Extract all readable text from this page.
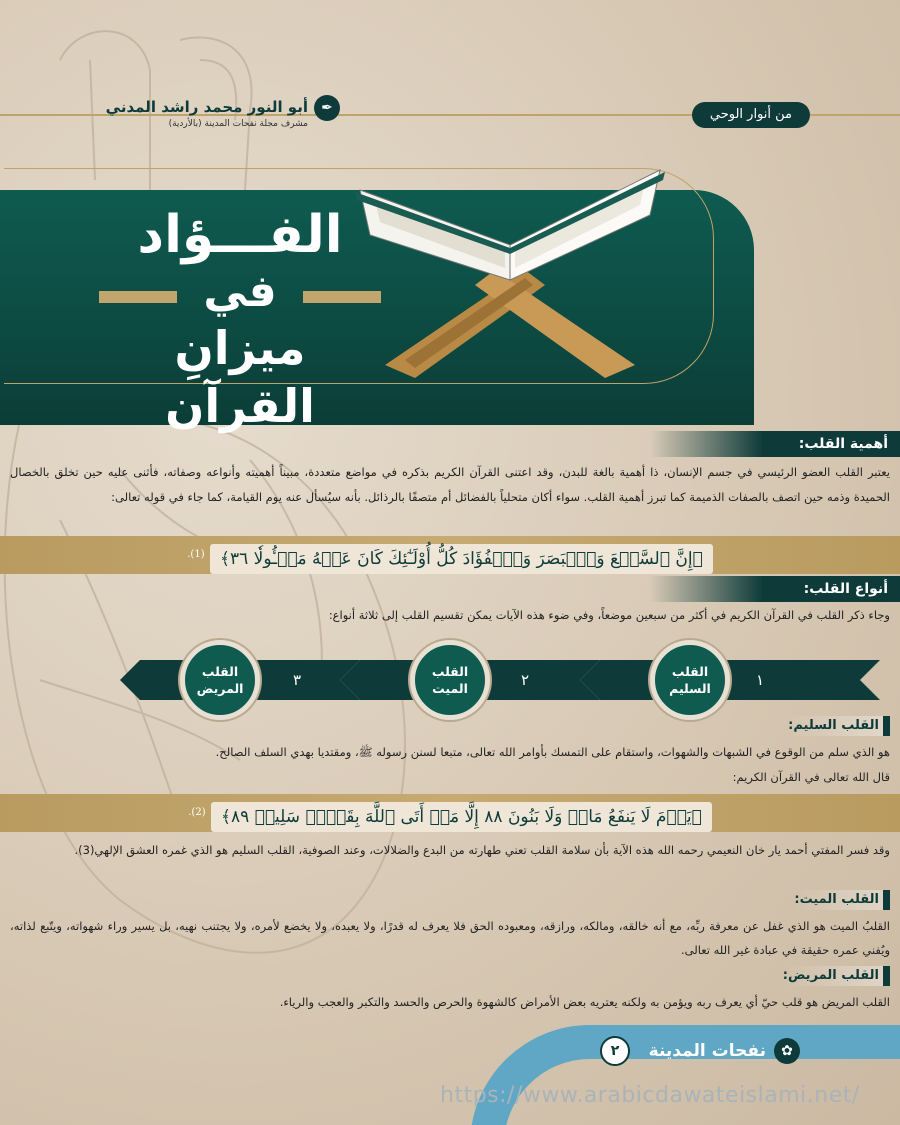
من أنوار الوحي
أبو النور محمد راشد المدني ✒
مشرف مجلة نفحات المدينة (بالأردية)
الفـــؤاد
في
ميزانِ القرآن
أهمية القلب:
يعتبر القلب العضو الرئيسي في جسم الإنسان، ذا أهمية بالغة للبدن، وقد اعتنى القرآن الكريم بذكره في مواضع متعددة، مبيناً أهميته وأنواعه وصفاته، فأثنى عليه حين تخلق بالخصال الحميدة وذمه حين اتصف بالصفات الذميمة كما تبرز أهمية القلب. سواء أكان متحلياً بالفضائل أم متصفًا بالرذائل. بأنه سيُسأل عنه يوم القيامة، كما جاء في قوله تعالى:
﴿إِنَّ ٱلسَّمۡعَ وَٱلۡبَصَرَ وَٱلۡفُؤَادَ كُلُّ أُوْلَـٰٓئِكَ كَانَ عَنۡهُ مَسۡـُٔولٗا ٣٦﴾ $^{(1).}$
أنواع القلب:
وجاء ذكر القلب في القرآن الكريم في أكثر من سبعين موضعاً، وفي ضوء هذه الآيات يمكن تقسيم القلب إلى ثلاثة أنواع:
١
القلب
السليم
٢
القلب
الميت
٣
القلب
المريض
القلب السليم:
هو الذي سلم من الوقوع في الشبهات والشهوات، واستقام على التمسك بأوامر الله تعالى، متبعا لسنن رسوله ﷺ، ومقتديا بهدي السلف الصالح.
قال الله تعالى في القرآن الكريم:
﴿يَوۡمَ لَا يَنفَعُ مَالٞ وَلَا بَنُونَ ٨٨ إِلَّا مَنۡ أَتَى ٱللَّهَ بِقَلۡبٖ سَلِيمٖ ٨٩﴾ $^{(2).}$
وقد فسر المفتي أحمد يار خان النعيمي رحمه الله هذه الآية بأن سلامة القلب تعني طهارته من البدع والضلالات، وعند الصوفية، القلب السليم هو الذي غمره العشق الإلهي(3).
القلب الميت:
القلبُ الميت هو الذي غفل عن معرفة ربِّه، مع أنه خالقه، ومالكه، ورازقه، ومعبوده الحق فلا يعرف له قدرًا، ولا يعبده، ولا يخضع لأمره، ولا يجتنب نهيه، بل يسير وراء شهواته، ويتّبع لذاته، ويُفني عمره حقيقة في عبادة غير الله تعالى.
القلب المريض:
القلب المريض هو قلب حيّ أي يعرف ربه ويؤمن به ولكنه يعتريه بعض الأمراض كالشهوة والحرص والحسد والتكبر والعجب والرياء.
✿
نفحات المدينة
٢
https://www.arabicdawateislami.net/
